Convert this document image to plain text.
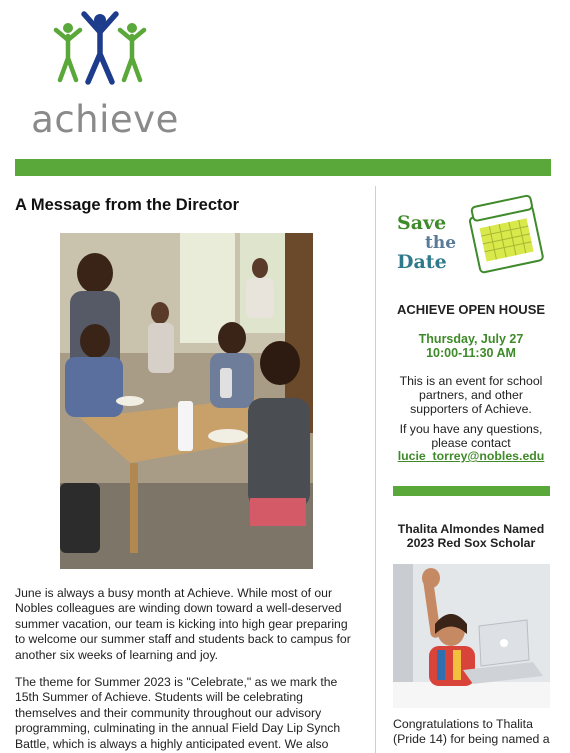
achieve
A Message from the Director

June is always a busy month at Achieve. While most of our Nobles colleagues are winding down toward a well-deserved summer vacation, our team is kicking into high gear preparing to welcome our summer staff and students back to campus for another six weeks of learning and joy.

The theme for Summer 2023 is "Celebrate," as we mark the 15th Summer of Achieve. Students will be celebrating themselves and their community throughout our advisory programming, culminating in the annual Field Day Lip Synch Battle, which is always a highly anticipated event. We also

Save
the
Date
ACHIEVE OPEN HOUSE
Thursday, July 27
10:00-11:30 AM
This is an event for school partners, and other supporters of Achieve.
If you have any questions, please contact
lucie_torrey@nobles.edu
Thalita Almondes Named 2023 Red Sox Scholar
Congratulations to Thalita (Pride 14) for being named a
